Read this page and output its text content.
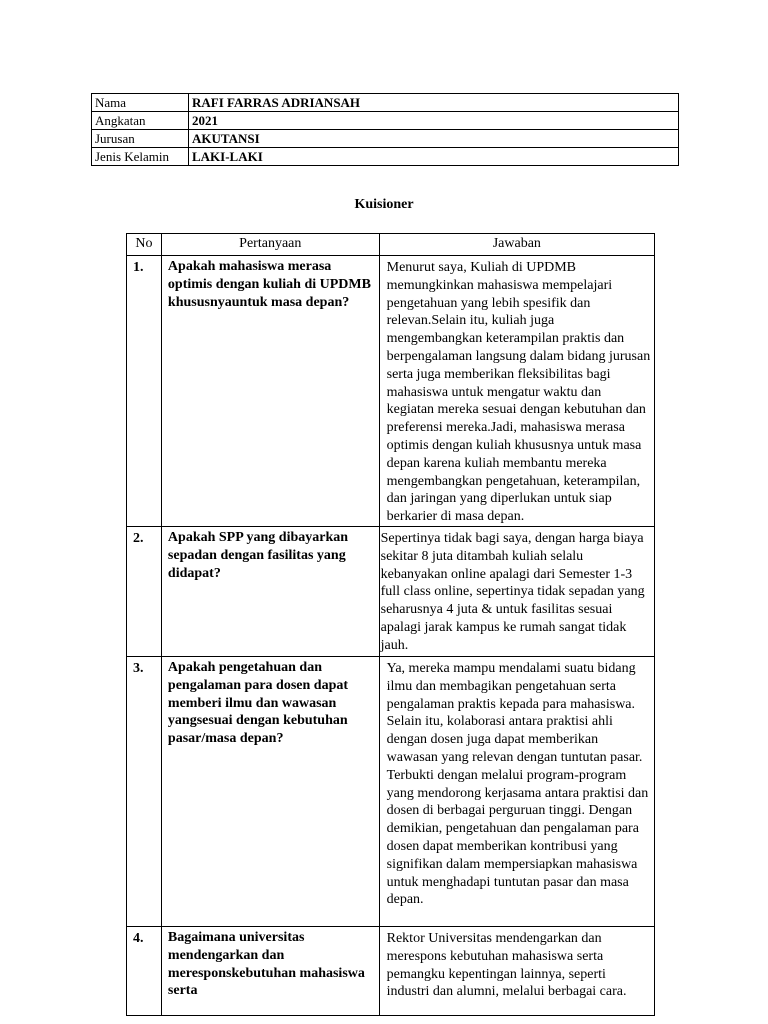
Nama	RAFI FARRAS ADRIANSAH
Angkatan	2021
Jurusan	AKUTANSI
Jenis Kelamin	LAKI-LAKI
Kuisioner
No	Pertanyaan	Jawaban
1.	Apakah mahasiswa merasa optimis dengan kuliah di UPDMB khususnyauntuk masa depan?	Menurut saya, Kuliah di UPDMB memungkinkan mahasiswa mempelajari pengetahuan yang lebih spesifik dan relevan.Selain itu, kuliah juga mengembangkan keterampilan praktis dan berpengalaman langsung dalam bidang jurusan serta juga memberikan fleksibilitas bagi mahasiswa untuk mengatur waktu dan kegiatan mereka sesuai dengan kebutuhan dan preferensi mereka.Jadi, mahasiswa merasa optimis dengan kuliah khususnya untuk masa depan karena kuliah membantu mereka mengembangkan pengetahuan, keterampilan, dan jaringan yang diperlukan untuk siap berkarier di masa depan.
2.	Apakah SPP yang dibayarkan sepadan dengan fasilitas yang didapat?	Sepertinya tidak bagi saya, dengan harga biaya sekitar 8 juta ditambah kuliah selalu kebanyakan online apalagi dari Semester 1-3 full class online, sepertinya tidak sepadan yang seharusnya 4 juta & untuk fasilitas sesuai apalagi jarak kampus ke rumah sangat tidak jauh.
3.	Apakah pengetahuan dan pengalaman para dosen dapat memberi ilmu dan wawasan yangsesuai dengan kebutuhan pasar/masa depan?	Ya, mereka mampu mendalami suatu bidang ilmu dan membagikan pengetahuan serta pengalaman praktis kepada para mahasiswa. Selain itu, kolaborasi antara praktisi ahli dengan dosen juga dapat memberikan wawasan yang relevan dengan tuntutan pasar. Terbukti dengan melalui program-program yang mendorong kerjasama antara praktisi dan dosen di berbagai perguruan tinggi. Dengan demikian, pengetahuan dan pengalaman para dosen dapat memberikan kontribusi yang signifikan dalam mempersiapkan mahasiswa untuk menghadapi tuntutan pasar dan masa depan.
4.	Bagaimana universitas mendengarkan dan meresponskebutuhan mahasiswa serta	Rektor Universitas mendengarkan dan merespons kebutuhan mahasiswa serta pemangku kepentingan lainnya, seperti industri dan alumni, melalui berbagai cara.
